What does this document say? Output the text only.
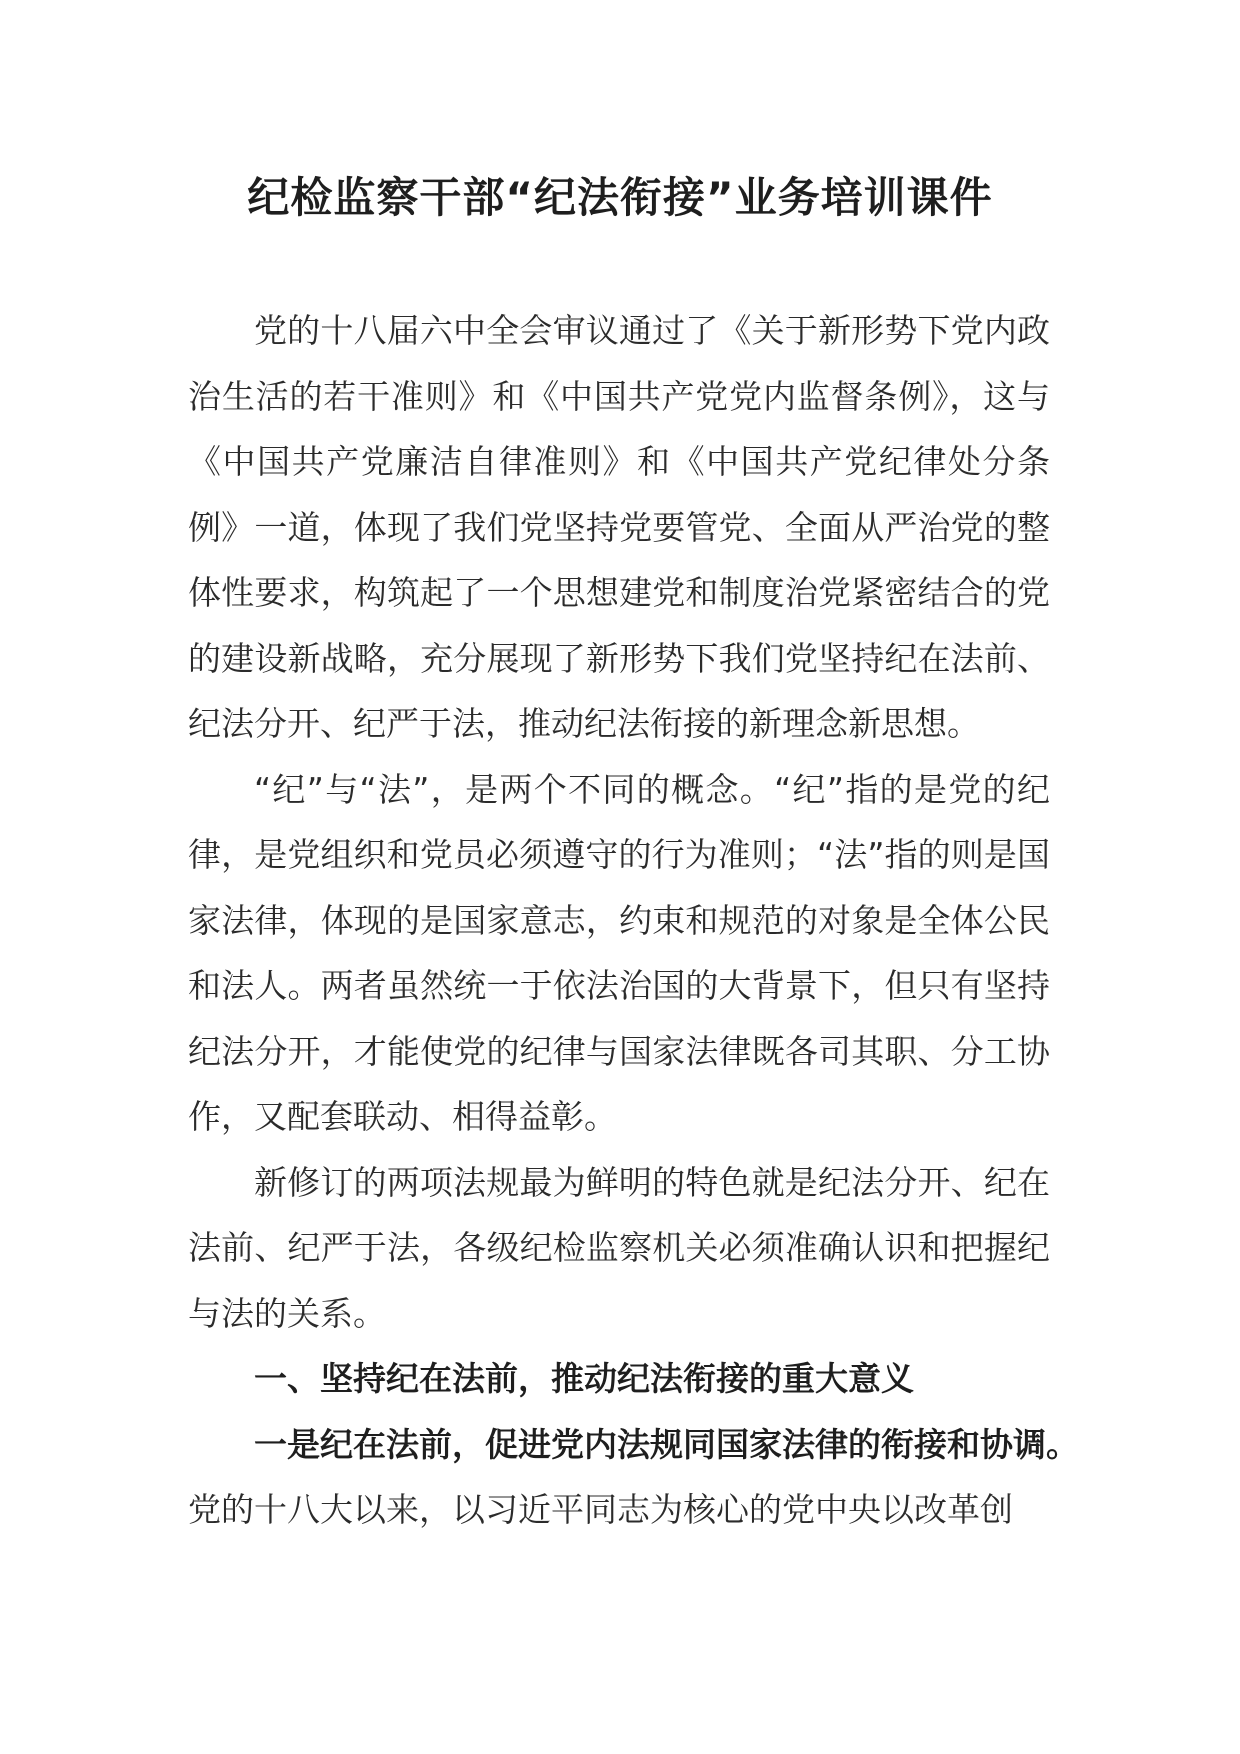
纪检监察干部“纪法衔接”业务培训课件

党的十八届六中全会审议通过了《关于新形势下党内政治生活的若干准则》和《中国共产党党内监督条例》，这与《中国共产党廉洁自律准则》和《中国共产党纪律处分条例》一道，体现了我们党坚持党要管党、全面从严治党的整体性要求，构筑起了一个思想建党和制度治党紧密结合的党的建设新战略，充分展现了新形势下我们党坚持纪在法前、纪法分开、纪严于法，推动纪法衔接的新理念新思想。

“纪”与“法”，是两个不同的概念。“纪”指的是党的纪律，是党组织和党员必须遵守的行为准则；“法”指的则是国家法律，体现的是国家意志，约束和规范的对象是全体公民和法人。两者虽然统一于依法治国的大背景下，但只有坚持纪法分开，才能使党的纪律与国家法律既各司其职、分工协作，又配套联动、相得益彰。

新修订的两项法规最为鲜明的特色就是纪法分开、纪在法前、纪严于法，各级纪检监察机关必须准确认识和把握纪与法的关系。

一、坚持纪在法前，推动纪法衔接的重大意义

一是纪在法前，促进党内法规同国家法律的衔接和协调。

党的十八大以来，以习近平同志为核心的党中央以改革创
